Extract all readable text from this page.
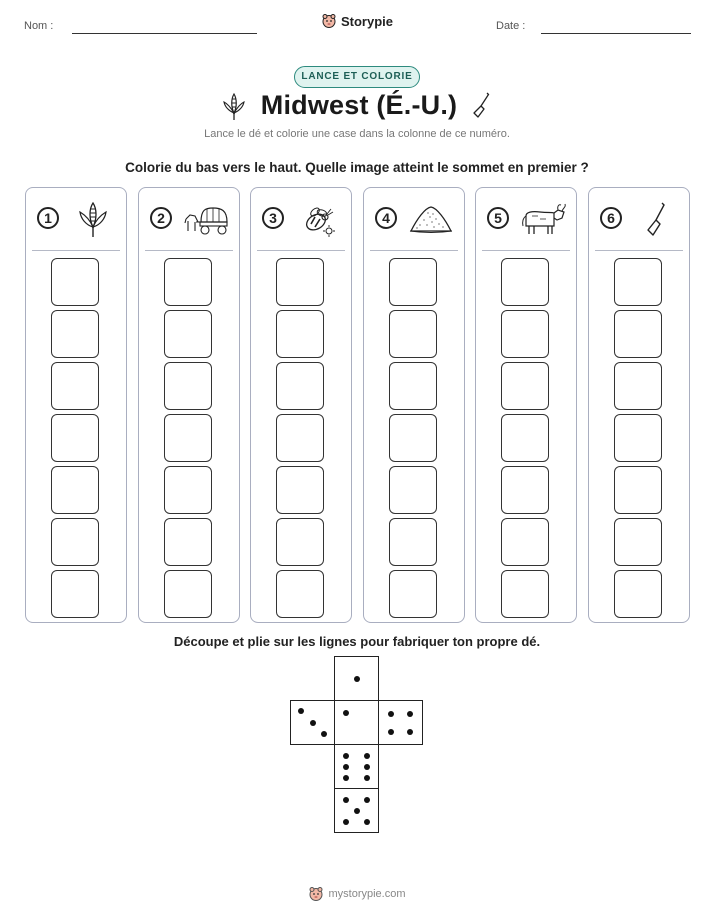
Nom :	Date :
Storypie
LANCE ET COLORIE
Midwest (É.-U.)
Lance le dé et colorie une case dans la colonne de ce numéro.
Colorie du bas vers le haut. Quelle image atteint le sommet en premier ?
1	2	3	4	5	6
Découpe et plie sur les lignes pour fabriquer ton propre dé.
mystorypie.com
